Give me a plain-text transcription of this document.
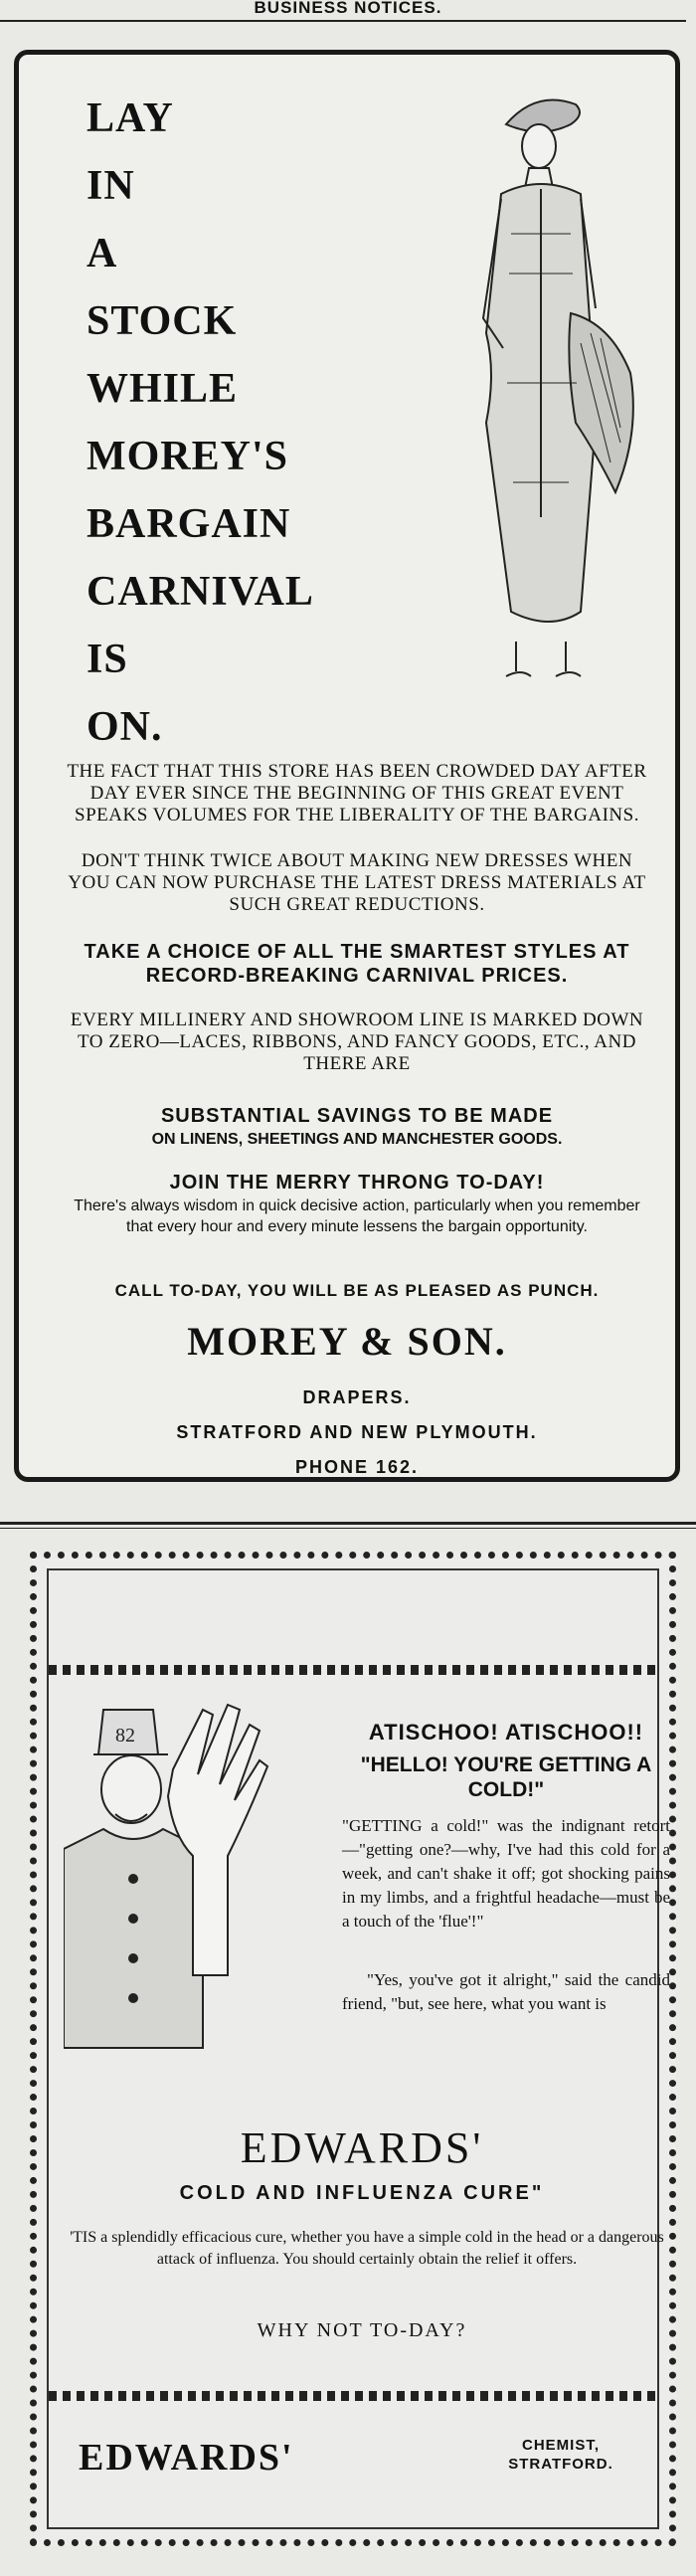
BUSINESS NOTICES.
LAY
IN
A
STOCK
WHILE
MOREY'S
BARGAIN
CARNIVAL
IS
ON.
THE FACT THAT THIS STORE HAS BEEN CROWDED DAY AFTER DAY EVER SINCE THE BEGINNING OF THIS GREAT EVENT SPEAKS VOLUMES FOR THE LIBERALITY OF THE BARGAINS.
DON'T THINK TWICE ABOUT MAKING NEW DRESSES WHEN YOU CAN NOW PURCHASE THE LATEST DRESS MATERIALS AT SUCH GREAT REDUCTIONS.
TAKE A CHOICE OF ALL THE SMARTEST STYLES AT RECORD-BREAKING CARNIVAL PRICES.
EVERY MILLINERY AND SHOWROOM LINE IS MARKED DOWN TO ZERO—LACES, RIBBONS, AND FANCY GOODS, ETC., AND THERE ARE
SUBSTANTIAL SAVINGS TO BE MADE
ON LINENS, SHEETINGS AND MANCHESTER GOODS.
JOIN THE MERRY THRONG TO-DAY!
There's always wisdom in quick decisive action, particularly when you remember that every hour and every minute lessens the bargain opportunity.
CALL TO-DAY, YOU WILL BE AS PLEASED AS PUNCH.
MOREY & SON.
DRAPERS.
STRATFORD AND NEW PLYMOUTH.
PHONE 162.
82	ATISCHOO! ATISCHOO!!
"HELLO! YOU'RE GETTING A COLD!"
"GETTING a cold!" was the indignant retort—"getting one?—why, I've had this cold for a week, and can't shake it off; got shocking pains in my limbs, and a frightful headache—must be a touch of the 'flue'!"
"Yes, you've got it alright," said the candid friend, "but, see here, what you want is
EDWARDS'
COLD AND INFLUENZA CURE"
'TIS a splendidly efficacious cure, whether you have a simple cold in the head or a dangerous attack of influenza. You should certainly obtain the relief it offers.
WHY NOT TO-DAY?
EDWARDS'	CHEMIST,
STRATFORD.
